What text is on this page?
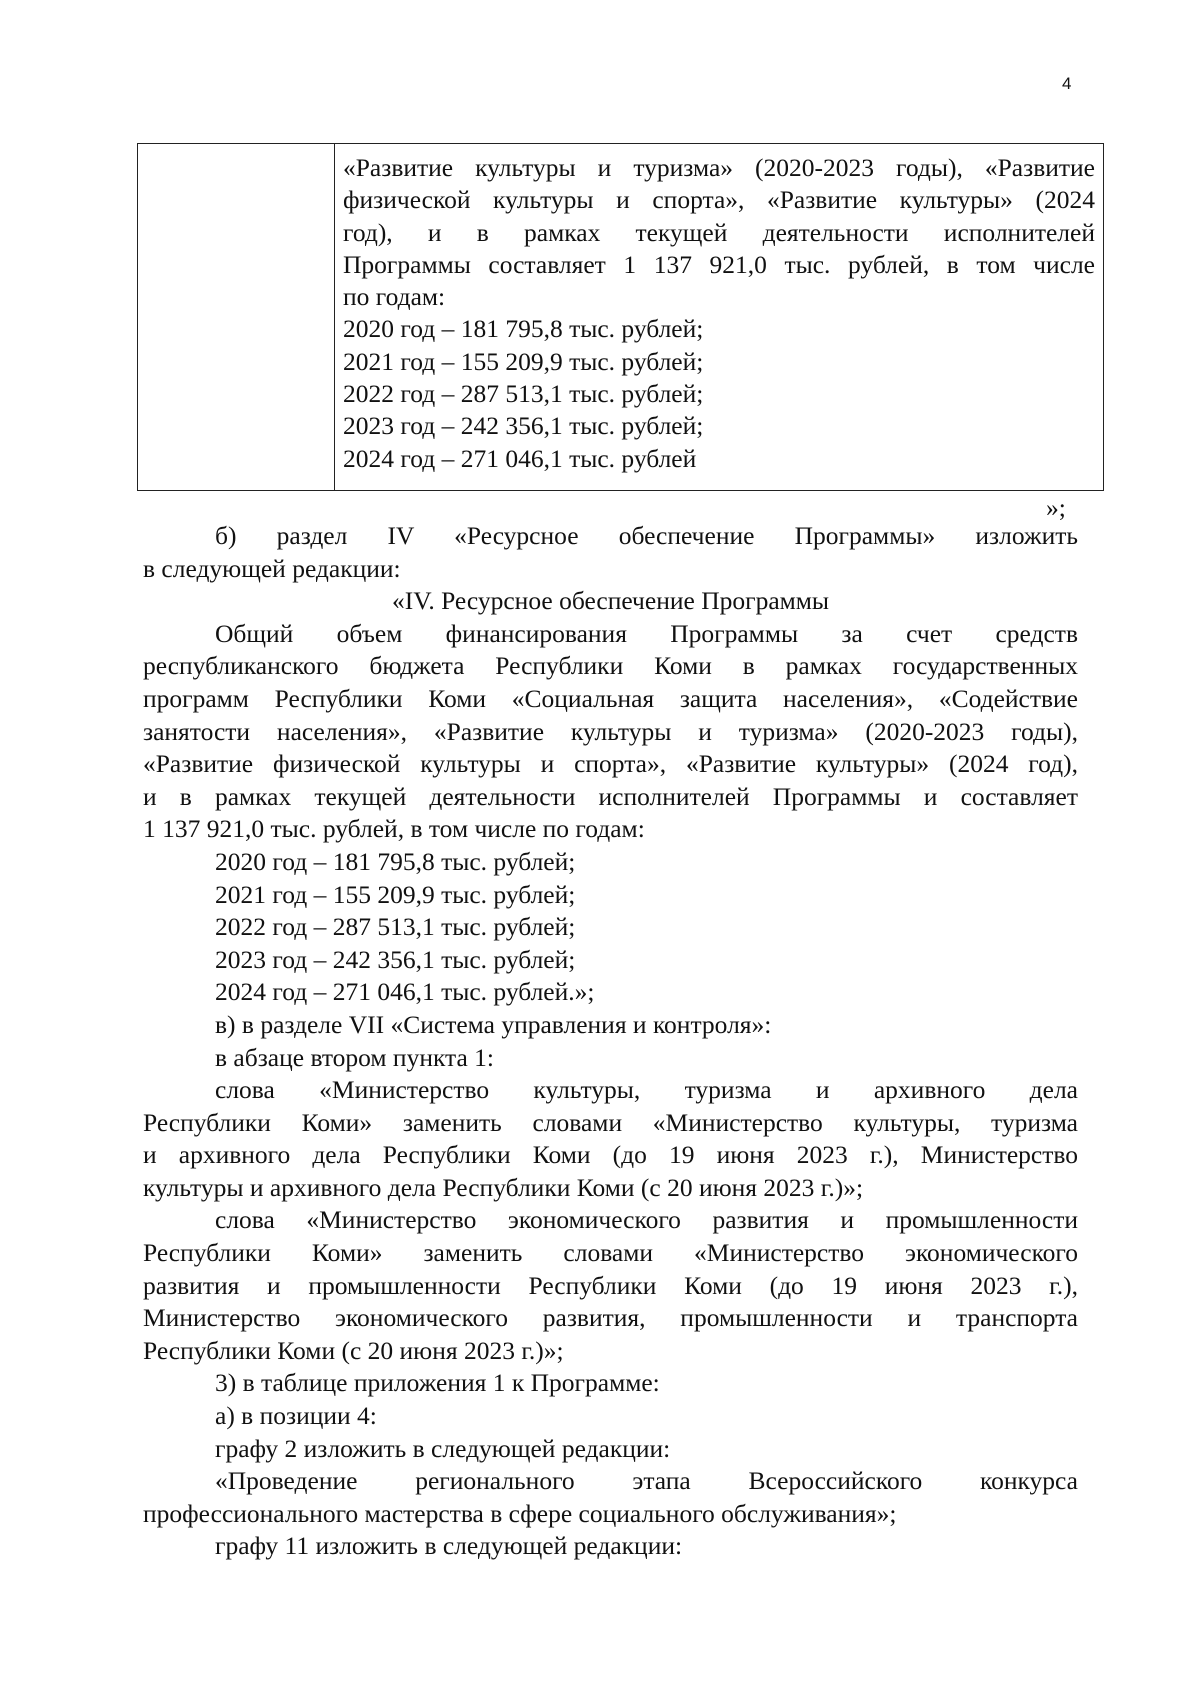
4
«Развитие культуры и туризма» (2020-2023 годы), «Развитие
физической культуры и спорта», «Развитие культуры» (2024
год), и в рамках текущей деятельности исполнителей
Программы составляет 1 137 921,0 тыс. рублей, в том числе
по годам:
2020 год – 181 795,8 тыс. рублей;
2021 год – 155 209,9 тыс. рублей;
2022 год – 287 513,1 тыс. рублей;
2023 год – 242 356,1 тыс. рублей;
2024 год – 271 046,1 тыс. рублей
»;
б) раздел IV «Ресурсное обеспечение Программы» изложить
в следующей редакции:
«IV. Ресурсное обеспечение Программы
Общий объем финансирования Программы за счет средств
республиканского бюджета Республики Коми в рамках государственных
программ Республики Коми «Социальная защита населения», «Содействие
занятости населения», «Развитие культуры и туризма» (2020-2023 годы),
«Развитие физической культуры и спорта», «Развитие культуры» (2024 год),
и в рамках текущей деятельности исполнителей Программы и составляет
1 137 921,0 тыс. рублей, в том числе по годам:
2020 год – 181 795,8 тыс. рублей;
2021 год – 155 209,9 тыс. рублей;
2022 год – 287 513,1 тыс. рублей;
2023 год – 242 356,1 тыс. рублей;
2024 год – 271 046,1 тыс. рублей.»;
в) в разделе VII «Система управления и контроля»:
в абзаце втором пункта 1:
слова «Министерство культуры, туризма и архивного дела
Республики Коми» заменить словами «Министерство культуры, туризма
и архивного дела Республики Коми (до 19 июня 2023 г.), Министерство
культуры и архивного дела Республики Коми (с 20 июня 2023 г.)»;
слова «Министерство экономического развития и промышленности
Республики Коми» заменить словами «Министерство экономического
развития и промышленности Республики Коми (до 19 июня 2023 г.),
Министерство экономического развития, промышленности и транспорта
Республики Коми (с 20 июня 2023 г.)»;
3) в таблице приложения 1 к Программе:
а) в позиции 4:
графу 2 изложить в следующей редакции:
«Проведение регионального этапа Всероссийского конкурса
профессионального мастерства в сфере социального обслуживания»;
графу 11 изложить в следующей редакции:
